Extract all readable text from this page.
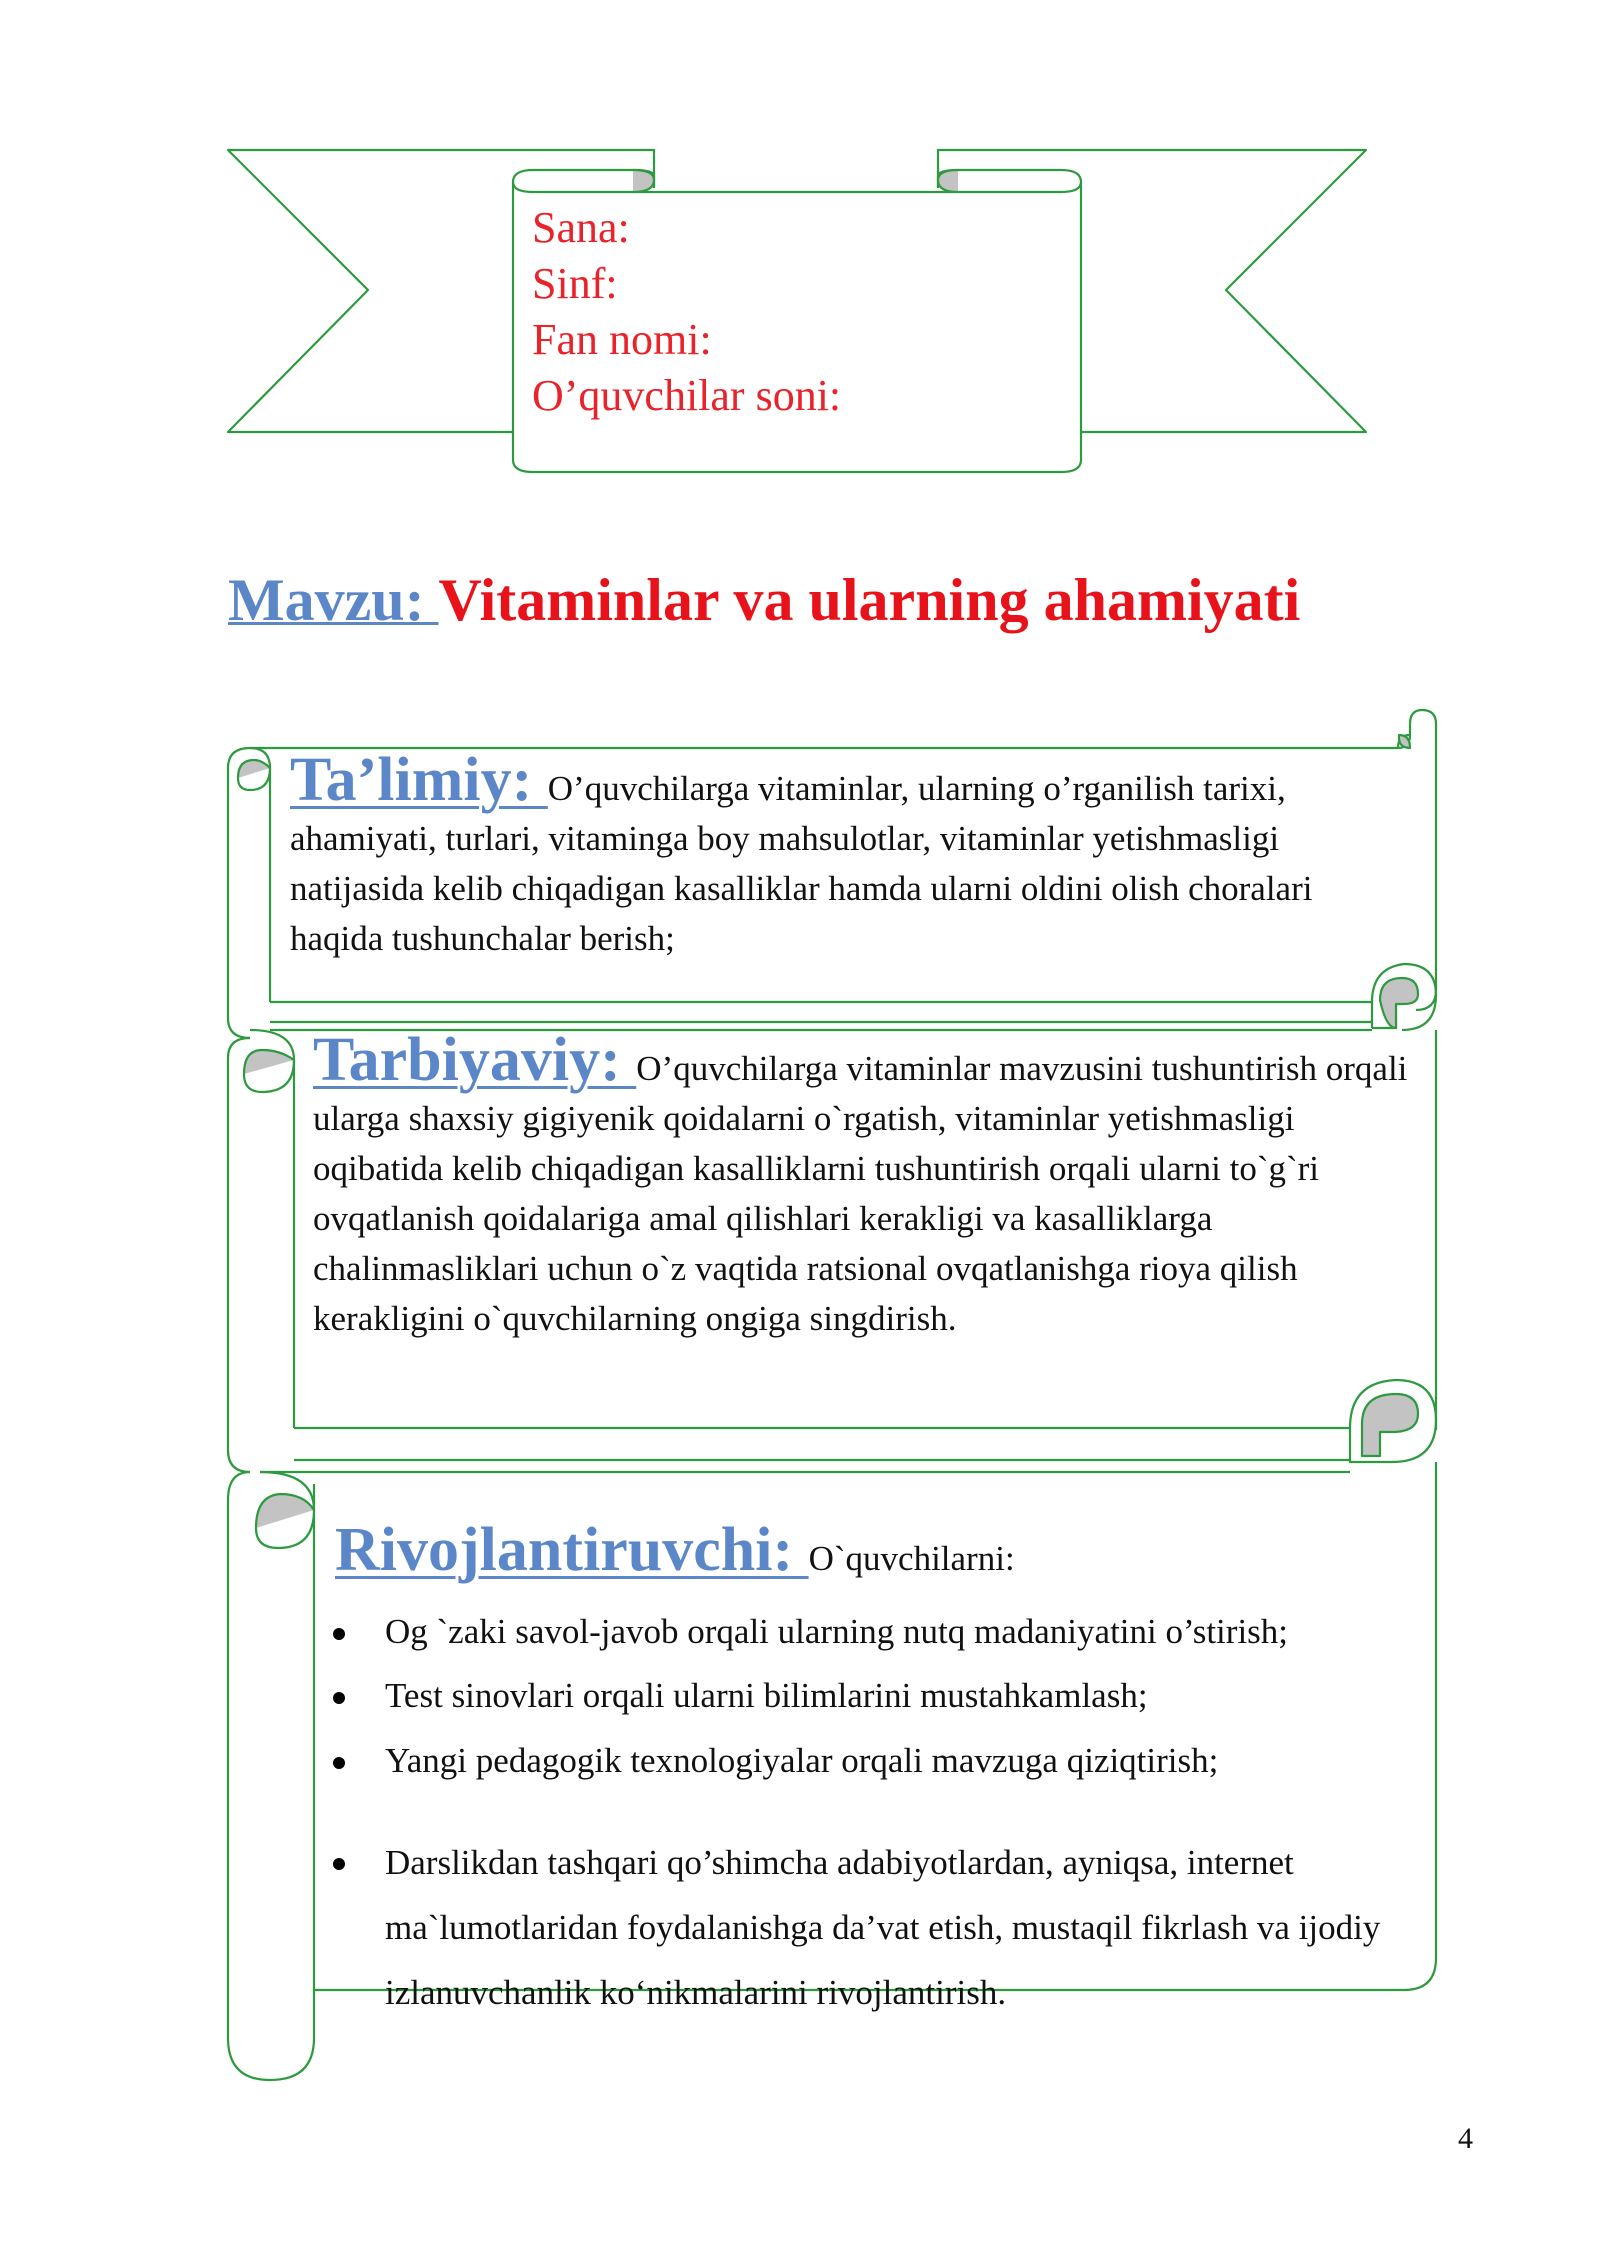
Sana:
Sinf:
Fan nomi:
O’quvchilar soni:
Mavzu: Vitaminlar va ularning ahamiyati
Ta’limiy: O’quvchilarga vitaminlar, ularning o’rganilish tarixi, ahamiyati, turlari, vitaminga boy mahsulotlar, vitaminlar yetishmasligi natijasida kelib chiqadigan kasalliklar hamda ularni oldini olish choralari haqida tushunchalar berish;
Tarbiyaviy: O’quvchilarga vitaminlar mavzusini tushuntirish orqali ularga shaxsiy gigiyenik qoidalarni o`rgatish, vitaminlar yetishmasligi oqibatida kelib chiqadigan kasalliklarni tushuntirish orqali ularni to`g`ri ovqatlanish qoidalariga amal qilishlari kerakligi va kasalliklarga chalinmasliklari uchun o`z vaqtida ratsional ovqatlanishga rioya qilish kerakligini o`quvchilarning ongiga singdirish.
Rivojlantiruvchi: O`quvchilarni:
Og `zaki savol-javob orqali ularning nutq madaniyatini o’stirish;
Test sinovlari orqali ularni bilimlarini mustahkamlash;
Yangi pedagogik texnologiyalar orqali mavzuga qiziqtirish;
Darslikdan tashqari qo’shimcha adabiyotlardan, ayniqsa, internet ma`lumotlaridan foydalanishga da’vat etish, mustaqil fikrlash va ijodiy izlanuvchanlik ko‘nikmalarini rivojlantirish.
4
